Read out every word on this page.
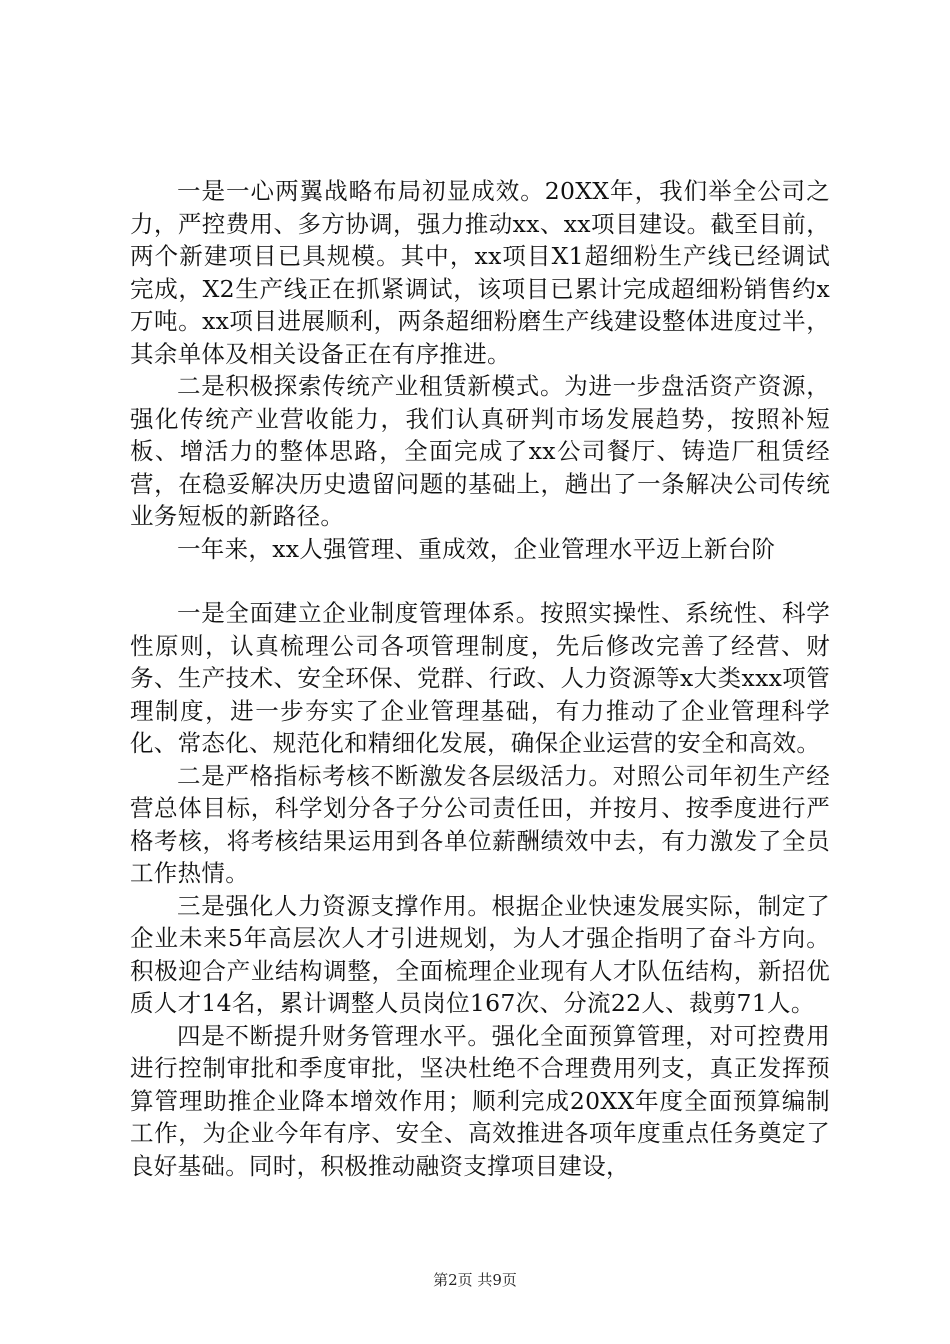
一是一心两翼战略布局初显成效。20XX年，我们举全公司之力，严控费用、多方协调，强力推动xx、xx项目建设。截至目前，两个新建项目已具规模。其中，xx项目X1超细粉生产线已经调试完成，X2生产线正在抓紧调试，该项目已累计完成超细粉销售约x万吨。xx项目进展顺利，两条超细粉磨生产线建设整体进度过半，其余单体及相关设备正在有序推进。

二是积极探索传统产业租赁新模式。为进一步盘活资产资源，强化传统产业营收能力，我们认真研判市场发展趋势，按照补短板、增活力的整体思路，全面完成了xx公司餐厅、铸造厂租赁经营，在稳妥解决历史遗留问题的基础上，趟出了一条解决公司传统业务短板的新路径。

一年来，xx人强管理、重成效，企业管理水平迈上新台阶

一是全面建立企业制度管理体系。按照实操性、系统性、科学性原则，认真梳理公司各项管理制度，先后修改完善了经营、财务、生产技术、安全环保、党群、行政、人力资源等x大类xxx项管理制度，进一步夯实了企业管理基础，有力推动了企业管理科学化、常态化、规范化和精细化发展，确保企业运营的安全和高效。

二是严格指标考核不断激发各层级活力。对照公司年初生产经营总体目标，科学划分各子分公司责任田，并按月、按季度进行严格考核，将考核结果运用到各单位薪酬绩效中去，有力激发了全员工作热情。

三是强化人力资源支撑作用。根据企业快速发展实际，制定了企业未来5年高层次人才引进规划，为人才强企指明了奋斗方向。积极迎合产业结构调整，全面梳理企业现有人才队伍结构，新招优质人才14名，累计调整人员岗位167次、分流22人、裁剪71人。

四是不断提升财务管理水平。强化全面预算管理，对可控费用进行控制审批和季度审批，坚决杜绝不合理费用列支，真正发挥预算管理助推企业降本增效作用；顺利完成20XX年度全面预算编制工作，为企业今年有序、安全、高效推进各项年度重点任务奠定了良好基础。同时，积极推动融资支撑项目建设，

第2页 共9页
